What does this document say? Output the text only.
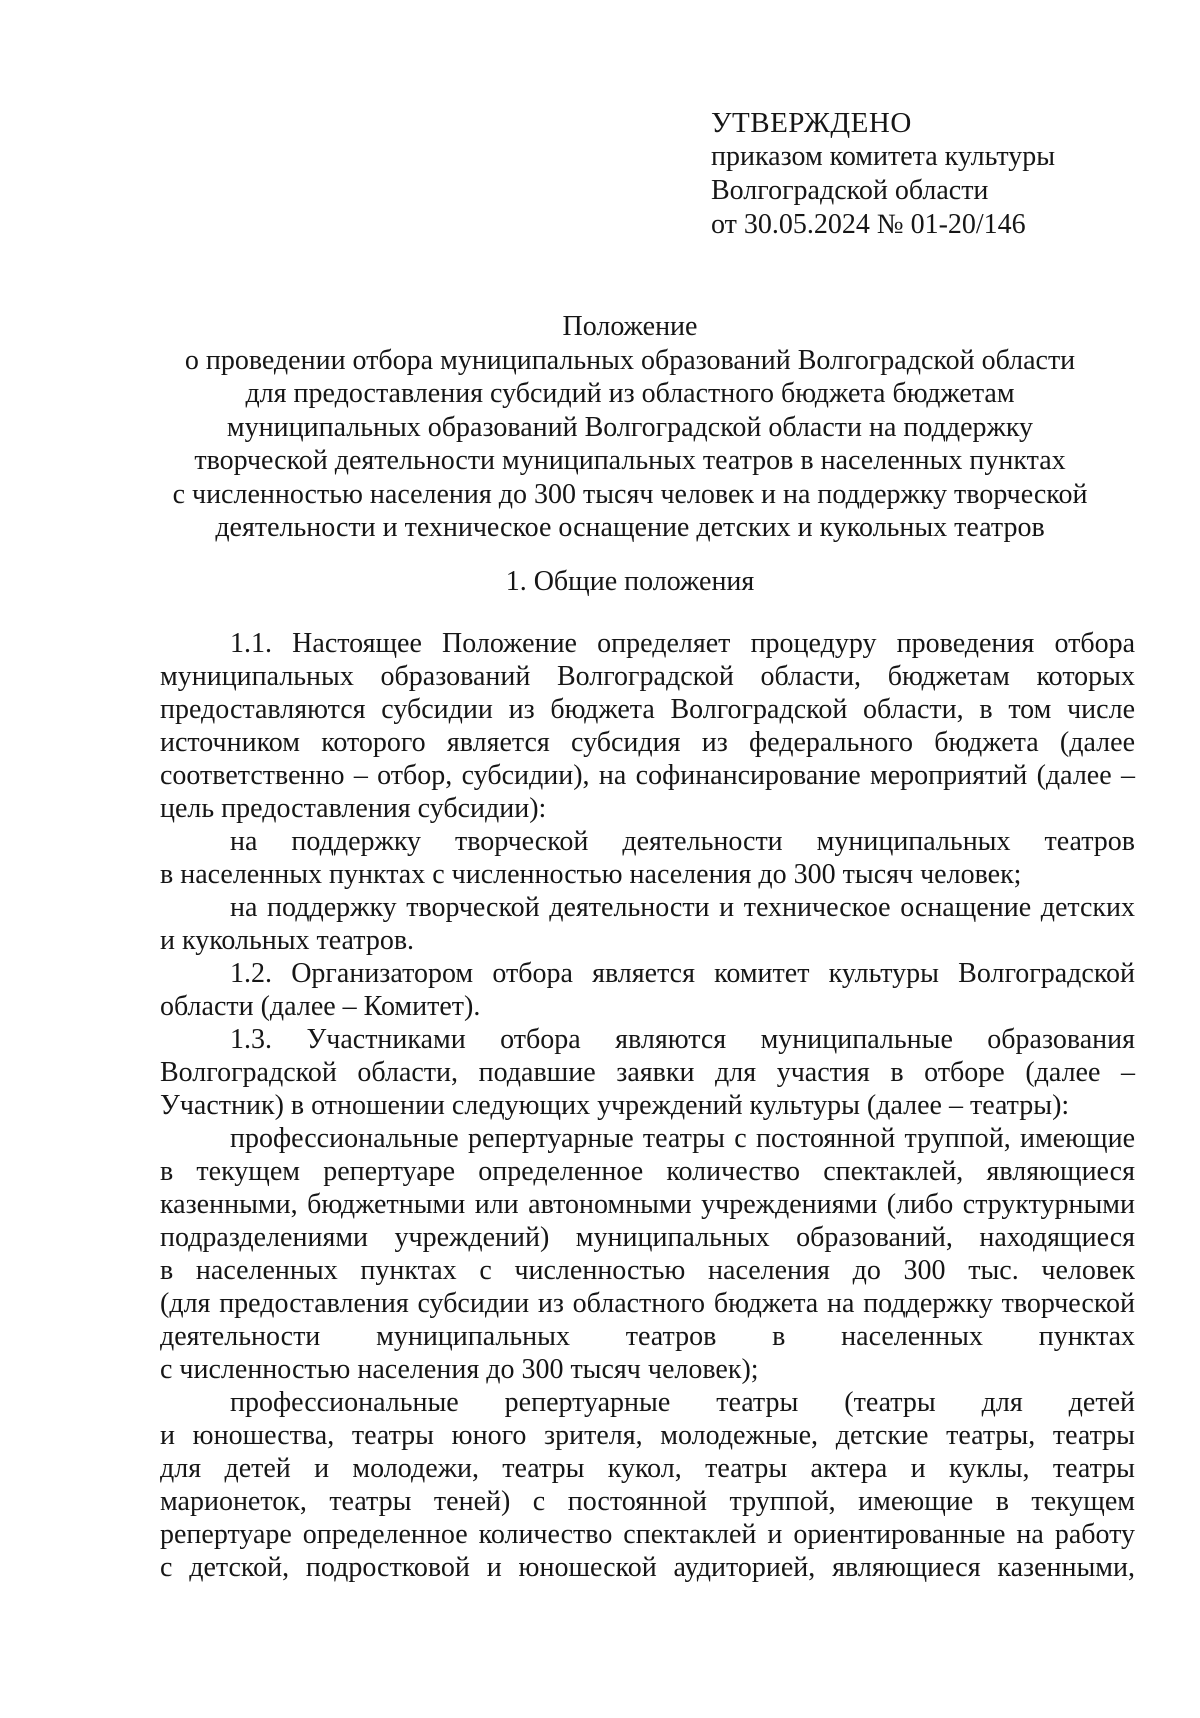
УТВЕРЖДЕНО
приказом комитета культуры
Волгоградской области
от 30.05.2024 № 01-20/146
Положение
о проведении отбора муниципальных образований Волгоградской области
для предоставления субсидий из областного бюджета бюджетам
муниципальных образований Волгоградской области на поддержку
творческой деятельности муниципальных театров в населенных пунктах
с численностью населения до 300 тысяч человек и на поддержку творческой
деятельности и техническое оснащение детских и кукольных театров
1. Общие положения
1.1. Настоящее Положение определяет процедуру проведения отбора
муниципальных образований Волгоградской области, бюджетам которых
предоставляются субсидии из бюджета Волгоградской области, в том числе
источником которого является субсидия из федерального бюджета (далее
соответственно – отбор, субсидии), на софинансирование мероприятий (далее –
цель предоставления субсидии):
на поддержку творческой деятельности муниципальных театров
в населенных пунктах с численностью населения до 300 тысяч человек;
на поддержку творческой деятельности и техническое оснащение детских
и кукольных театров.
1.2. Организатором отбора является комитет культуры Волгоградской
области (далее – Комитет).
1.3. Участниками отбора являются муниципальные образования
Волгоградской области, подавшие заявки для участия в отборе (далее –
Участник) в отношении следующих учреждений культуры (далее – театры):
профессиональные репертуарные театры с постоянной труппой, имеющие
в текущем репертуаре определенное количество спектаклей, являющиеся
казенными, бюджетными или автономными учреждениями (либо структурными
подразделениями учреждений) муниципальных образований, находящиеся
в населенных пунктах с численностью населения до 300 тыс. человек
(для предоставления субсидии из областного бюджета на поддержку творческой
деятельности муниципальных театров в населенных пунктах
с численностью населения до 300 тысяч человек);
профессиональные репертуарные театры (театры для детей
и юношества, театры юного зрителя, молодежные, детские театры, театры
для детей и молодежи, театры кукол, театры актера и куклы, театры
марионеток, театры теней) с постоянной труппой, имеющие в текущем
репертуаре определенное количество спектаклей и ориентированные на работу
с детской, подростковой и юношеской аудиторией, являющиеся казенными,
